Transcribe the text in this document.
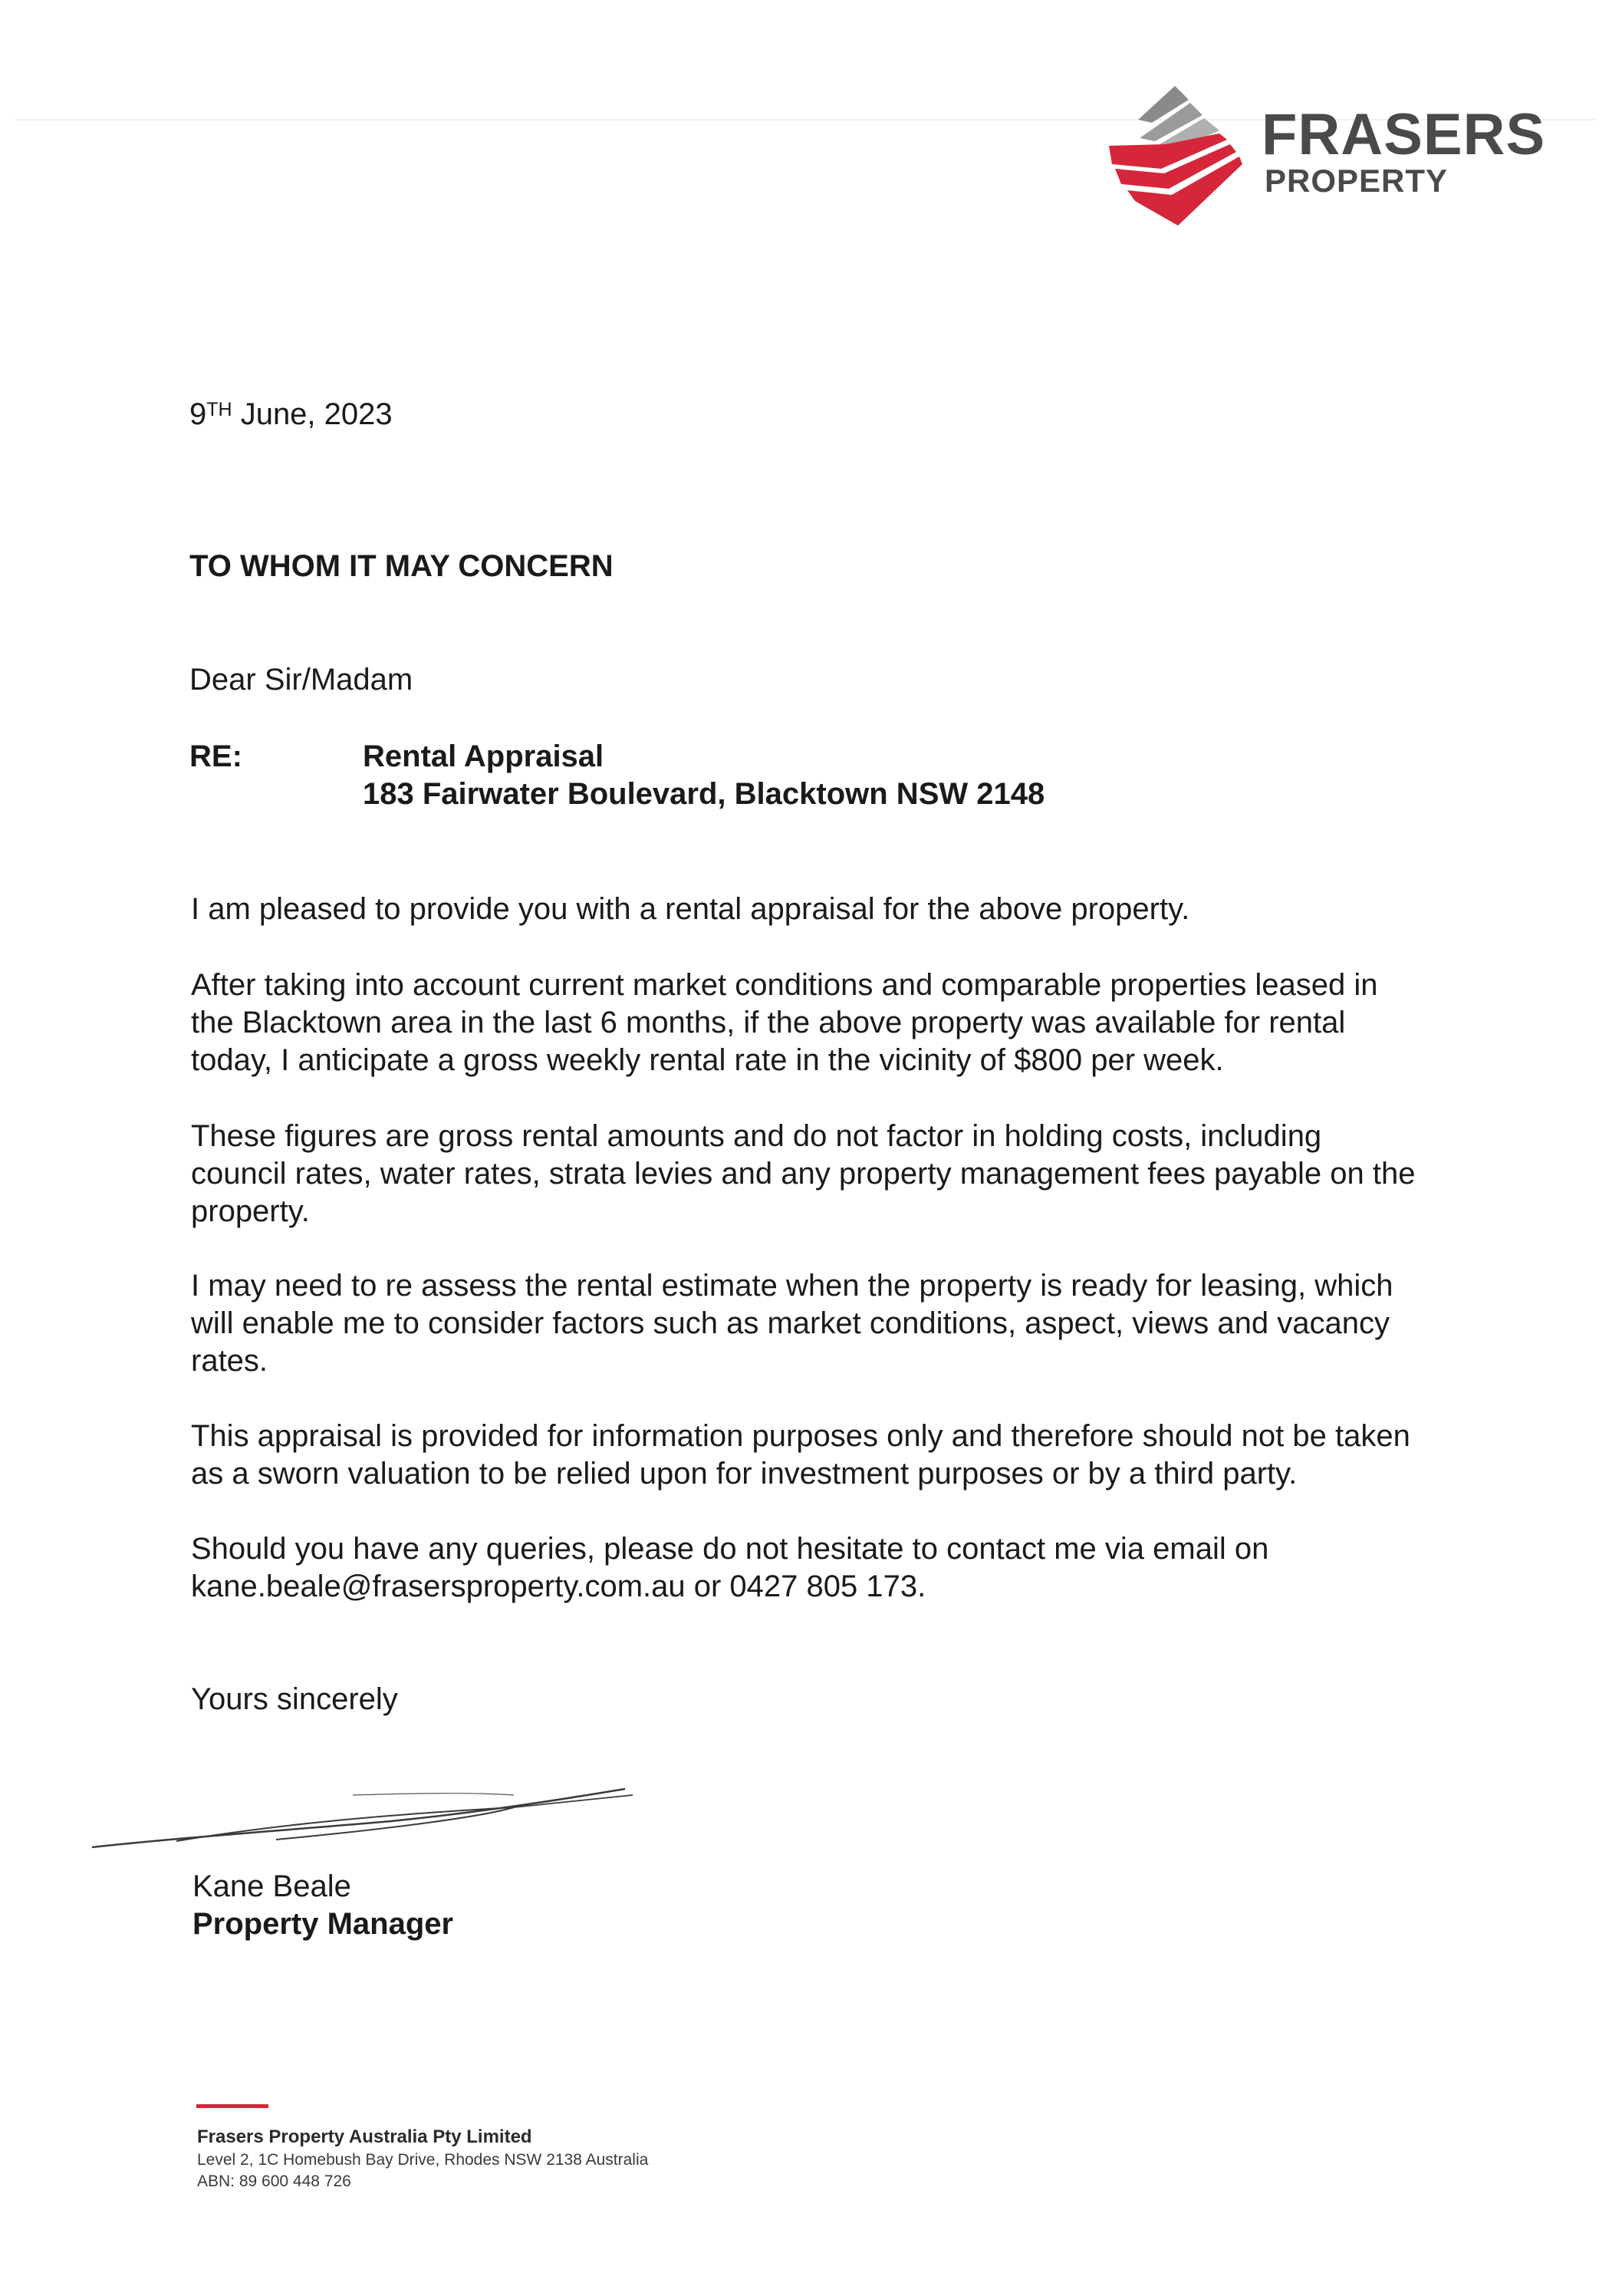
FRASERS
PROPERTY
9TH June, 2023
TO WHOM IT MAY CONCERN
Dear Sir/Madam
RE:	Rental Appraisal
183 Fairwater Boulevard, Blacktown NSW 2148
I am pleased to provide you with a rental appraisal for the above property.
After taking into account current market conditions and comparable properties leased in
the Blacktown area in the last 6 months, if the above property was available for rental
today, I anticipate a gross weekly rental rate in the vicinity of $800 per week.
These figures are gross rental amounts and do not factor in holding costs, including
council rates, water rates, strata levies and any property management fees payable on the
property.
I may need to re assess the rental estimate when the property is ready for leasing, which
will enable me to consider factors such as market conditions, aspect, views and vacancy
rates.
This appraisal is provided for information purposes only and therefore should not be taken
as a sworn valuation to be relied upon for investment purposes or by a third party.
Should you have any queries, please do not hesitate to contact me via email on
kane.beale@frasersproperty.com.au or 0427 805 173.
Yours sincerely
Kane Beale
Property Manager
Frasers Property Australia Pty Limited
Level 2, 1C Homebush Bay Drive, Rhodes NSW 2138 Australia
ABN: 89 600 448 726
